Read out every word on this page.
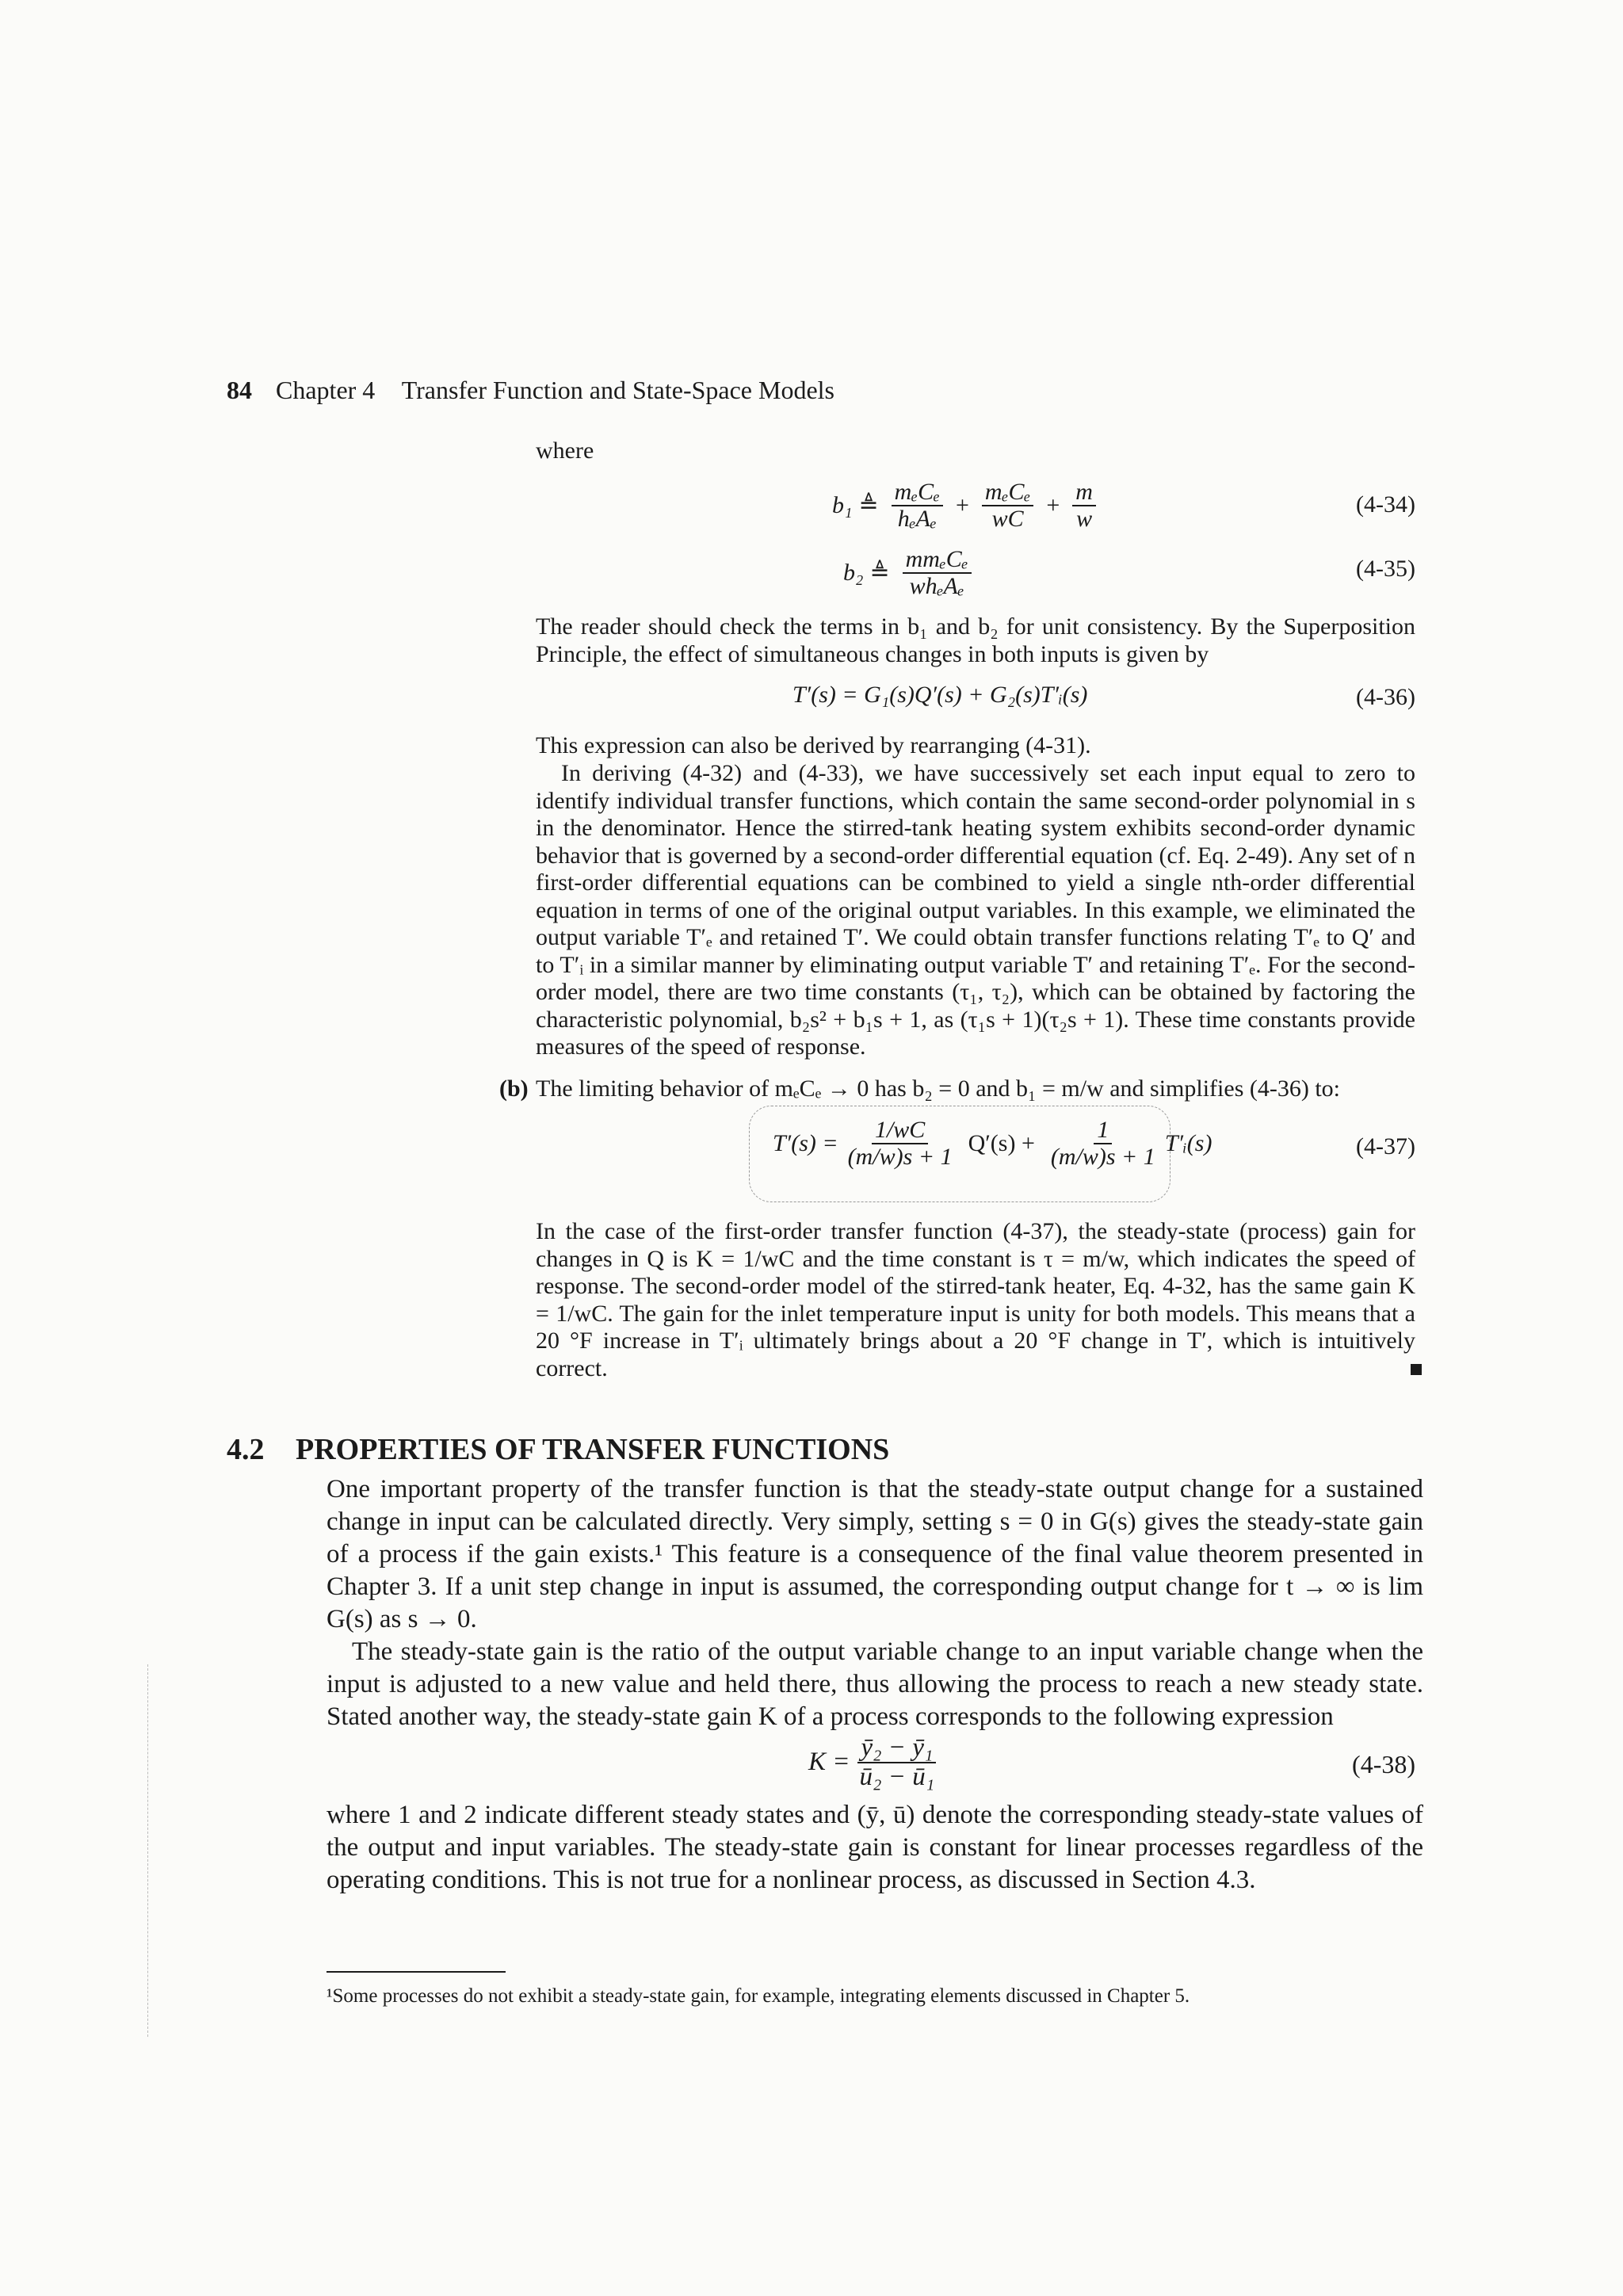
84 Chapter 4 Transfer Function and State-Space Models
where
b₁ ≜ $\frac{\text{mₑCₑ}}{\text{hₑAₑ}} + \frac{\text{mₑCₑ}}{wC} + \frac{m}{w}$	(4-34)
b₂ ≜ $\frac{\text{mmₑCₑ}}{\text{whₑAₑ}}$	(4-35)
The reader should check the terms in b₁ and b₂ for unit consistency. By the Superposition Principle, the effect of simultaneous changes in both inputs is given by
T′(s) = G₁(s)Q′(s) + G₂(s)T′ᵢ(s)	(4-36)
This expression can also be derived by rearranging (4-31).
In deriving (4-32) and (4-33), we have successively set each input equal to zero to identify individual transfer functions, which contain the same second-order polynomial in s in the denominator. Hence the stirred-tank heating system exhibits second-order dynamic behavior that is governed by a second-order differential equation (cf. Eq. 2-49). Any set of n first-order differential equations can be combined to yield a single nth-order differential equation in terms of one of the original output variables. In this example, we eliminated the output variable T′ₑ and retained T′. We could obtain transfer functions relating T′ₑ to Q′ and to T′ᵢ in a similar manner by eliminating output variable T′ and retaining T′ₑ. For the second-order model, there are two time constants (τ₁, τ₂), which can be obtained by factoring the characteristic polynomial, b₂s² + b₁s + 1, as (τ₁s + 1)(τ₂s + 1). These time constants provide measures of the speed of response.
(b) The limiting behavior of mₑCₑ → 0 has b₂ = 0 and b₁ = m/w and simplifies (4-36) to:
$T'(s) = \frac{1/wC}{(m/w)s + 1} Q'(s) + \frac{1}{(m/w)s + 1}$ T′ᵢ(s)	(4-37)
In the case of the first-order transfer function (4-37), the steady-state (process) gain for changes in Q is K = 1/wC and the time constant is τ = m/w, which indicates the speed of response. The second-order model of the stirred-tank heater, Eq. 4-32, has the same gain K = 1/wC. The gain for the inlet temperature input is unity for both models. This means that a 20 °F increase in T′ᵢ ultimately brings about a 20 °F change in T′, which is intuitively correct.
4.2 PROPERTIES OF TRANSFER FUNCTIONS
One important property of the transfer function is that the steady-state output change for a sustained change in input can be calculated directly. Very simply, setting s = 0 in G(s) gives the steady-state gain of a process if the gain exists.¹ This feature is a consequence of the final value theorem presented in Chapter 3. If a unit step change in input is assumed, the corresponding output change for t → ∞ is lim G(s) as s → 0.
The steady-state gain is the ratio of the output variable change to an input variable change when the input is adjusted to a new value and held there, thus allowing the process to reach a new steady state. Stated another way, the steady-state gain K of a process corresponds to the following expression
$K = \frac{\text{ȳ₂ − ȳ₁}}{\text{ū₂ − ū₁}}$	(4-38)
where 1 and 2 indicate different steady states and (ȳ, ū) denote the corresponding steady-state values of the output and input variables. The steady-state gain is constant for linear processes regardless of the operating conditions. This is not true for a nonlinear process, as discussed in Section 4.3.
¹Some processes do not exhibit a steady-state gain, for example, integrating elements discussed in Chapter 5.
